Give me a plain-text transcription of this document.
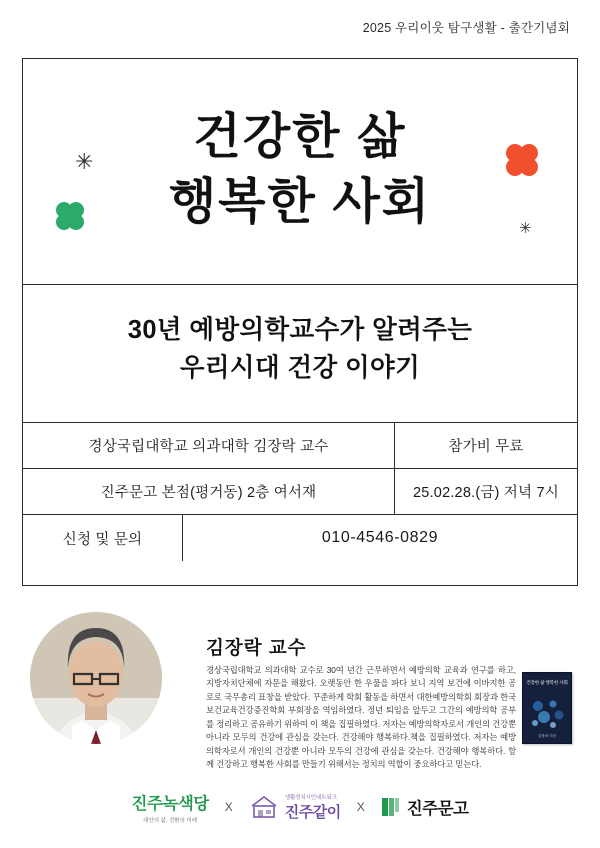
2025 우리이웃 탐구생활 - 출간기념회
✳
✳
건강한 삶
행복한 사회
30년 예방의학교수가 알려주는
우리시대 건강 이야기
경상국립대학교 의과대학 김장락 교수	참가비 무료
진주문고 본점(평거동) 2층 여서재	25.02.28.(금) 저녁 7시
신청 및 문의	010-4546-0829
김장락 교수
경상국립대학교 의과대학 교수로 30여 년간 근무하면서 예방의학 교육과 연구를 하고, 지방자치단체에 자문을 해왔다. 오랫동안 한 우물을 파다 보니 지역 보건에 이바지한 공로로 국무총리 표창을 받았다. 꾸준하게 학회 활동을 하면서 대한예방의학회 회장과 한국보건교육건강증진학회 부회장을 역임하였다. 정년 퇴임을 앞두고 그간의 예방의학 공부를 정리하고 공유하기 위하여 이 책을 집필하였다. 저자는 예방의학자로서 개인의 건강뿐 아니라 모두의 건강에 관심을 갖는다. 건강해야 행복하다.책을 집필하였다. 저자는 예방의학자로서 개인의 건강뿐 아니라 모두의 건강에 관심을 갖는다. 건강해야 행복하다. 함께 건강하고 행복한 사회를 만들기 위해서는 정치의 역할이 중요하다고 믿는다.
건강한 삶 행복한 사회
김장락 지음
진주녹색당
대안의 삶, 전환의 미래
X
생활정치시민네트워크
진주같이 X	진주문고
